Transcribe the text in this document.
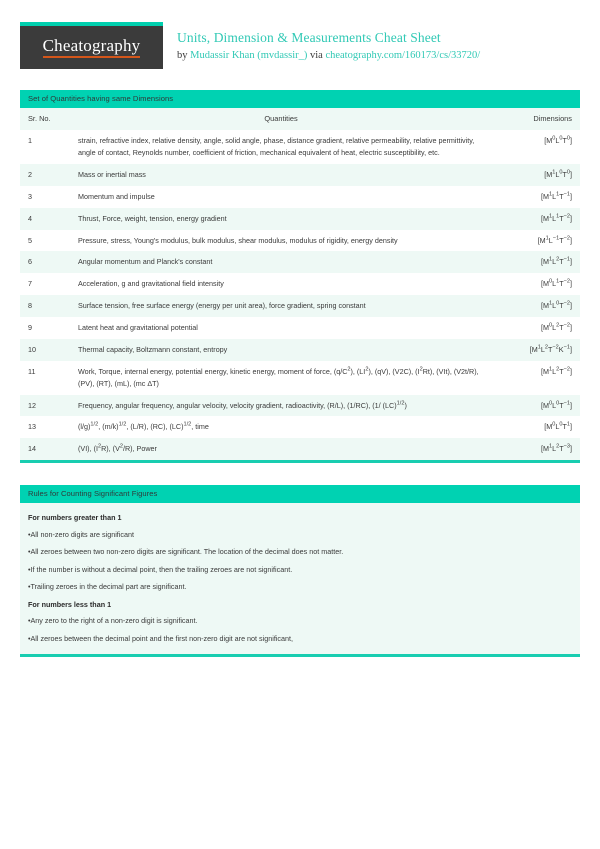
Cheatography	Units, Dimension & Measurements Cheat Sheet
by Mudassir Khan (mvdassir_) via cheatography.com/160173/cs/33720/
Set of Quantities having same Dimensions
Sr. No.	Quantities	Dimensions
1	strain, refractive index, relative density, angle, solid angle, phase, distance gradient, relative permeability, relative permittivity, angle of contact, Reynolds number, coefficient of friction, mechanical equivalent of heat, electric susceptibility, etc.	$[M^0L^0T^0]$
2	Mass or inertial mass	$[M^1L^0T^0]$
3	Momentum and impulse	$[M^1L^1T^{-1}]$
4	Thrust, Force, weight, tension, energy gradient	$[M^1L^1T^{-2}]$
5	Pressure, stress, Young's modulus, bulk modulus, shear modulus, modulus of rigidity, energy density	$[M^1L^{-1}T^{-2}]$
6	Angular momentum and Planck's constant	$[M^1L^2T^{-1}]$
7	Acceleration, g and gravitational field intensity	$[M^0L^1T^{-2}]$
8	Surface tension, free surface energy (energy per unit area), force gradient, spring constant	$[M^1L^0T^{-2}]$
9	Latent heat and gravitational potential	$[M^0L^2T^{-2}]$
10	Thermal capacity, Boltzmann constant, entropy	$[M^1L^2T^{-2}K^{-1}]$
11	Work, Torque, internal energy, potential energy, kinetic energy, moment of force, $(q/C^2)$, $(LI^2)$, (qV), (V2C), $(I^2Rt)$, (VIt), (V2t/R), (PV), (RT), (mL), (mc ΔT)	$[M^1L^2T^{-2}]$
12	Frequency, angular frequency, angular velocity, velocity gradient, radioactivity, (R/L), (1/RC), (1/ (LC)$^{1/2}$)	$[M^0L^0T^{-1}]$
13	$(l/g)^{1/2}$, $(m/k)^{1/2}$, (L/R), (RC), (LC)$^{1/2}$, time	$[M^0L^0T^1]$
14	(VI), $(I^2R)$, $(V^2/R)$, Power	$[M^1L^2T^{-3}]$
Rules for Counting Significant Figures
For numbers greater than 1
•All non-zero digits are significant
•All zeroes between two non-zero digits are significant. The location of the decimal does not matter.
•If the number is without a decimal point, then the trailing zeroes are not significant.
•Trailing zeroes in the decimal part are significant.
For numbers less than 1
•Any zero to the right of a non-zero digit is significant.
•All zeroes between the decimal point and the first non-zero digit are not significant,
